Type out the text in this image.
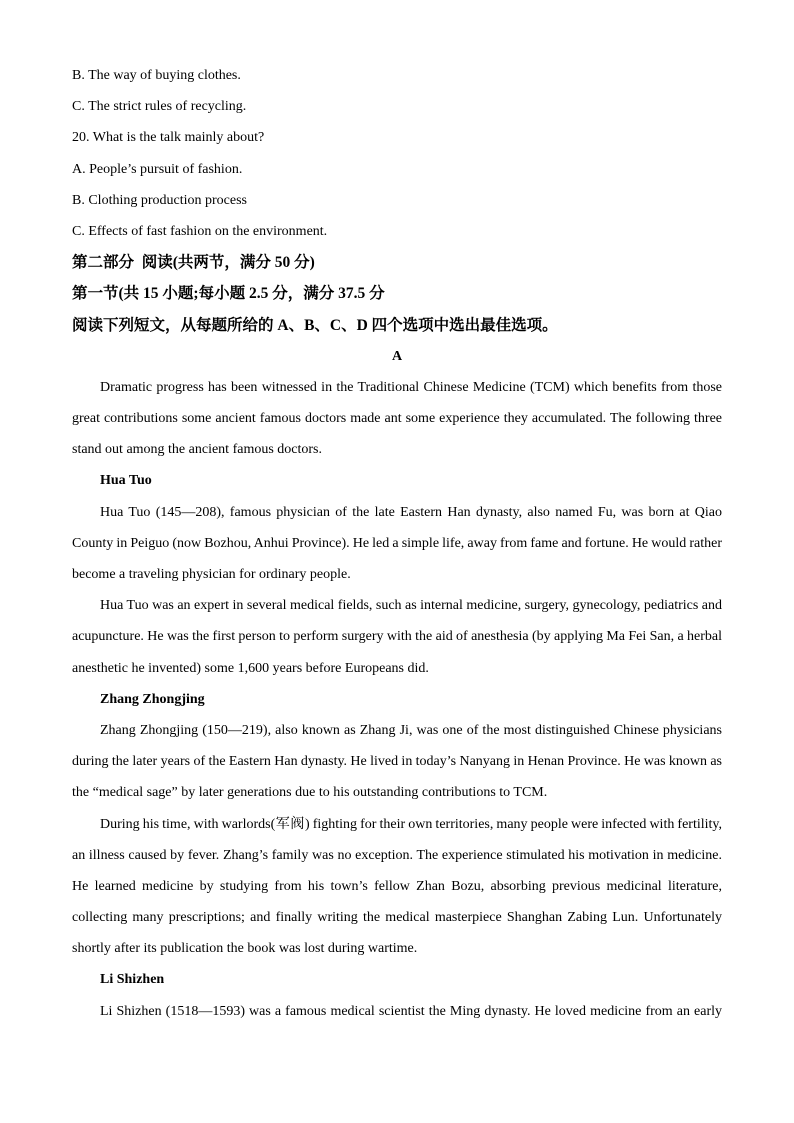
B. The way of buying clothes.
C. The strict rules of recycling.
20. What is the talk mainly about?
A. People’s pursuit of fashion.
B. Clothing production process
C. Effects of fast fashion on the environment.
第二部分  阅读(共两节，满分 50 分)
第一节(共 15 小题;每小题 2.5 分，满分 37.5 分
阅读下列短文，从每题所给的 A、B、C、D 四个选项中选出最佳选项。
A
Dramatic progress has been witnessed in the Traditional Chinese Medicine (TCM) which benefits from those
great contributions some ancient famous doctors made ant some experience they accumulated. The following three
stand out among the ancient famous doctors.
Hua Tuo
Hua Tuo (145—208), famous physician of the late Eastern Han dynasty, also named Fu, was born at Qiao
County in Peiguo (now Bozhou, Anhui Province). He led a simple life, away from fame and fortune. He would rather
become a traveling physician for ordinary people.
Hua Tuo was an expert in several medical fields, such as internal medicine, surgery, gynecology, pediatrics and
acupuncture. He was the first person to perform surgery with the aid of anesthesia (by applying Ma Fei San, a herbal
anesthetic he invented) some 1,600 years before Europeans did.
Zhang Zhongjing
Zhang Zhongjing (150—219), also known as Zhang Ji, was one of the most distinguished Chinese physicians
during the later years of the Eastern Han dynasty. He lived in today’s Nanyang in Henan Province. He was known as
the “medical sage” by later generations due to his outstanding contributions to TCM.
During his time, with warlords(军阀) fighting for their own territories, many people were infected with fertility,
an illness caused by fever. Zhang’s family was no exception. The experience stimulated his motivation in medicine.
He learned medicine by studying from his town’s fellow Zhan Bozu, absorbing previous medicinal literature,
collecting many prescriptions; and finally writing the medical masterpiece Shanghan Zabing Lun. Unfortunately
shortly after its publication the book was lost during wartime.
Li Shizhen
Li Shizhen (1518—1593) was a famous medical scientist the Ming dynasty. He loved medicine from an early
